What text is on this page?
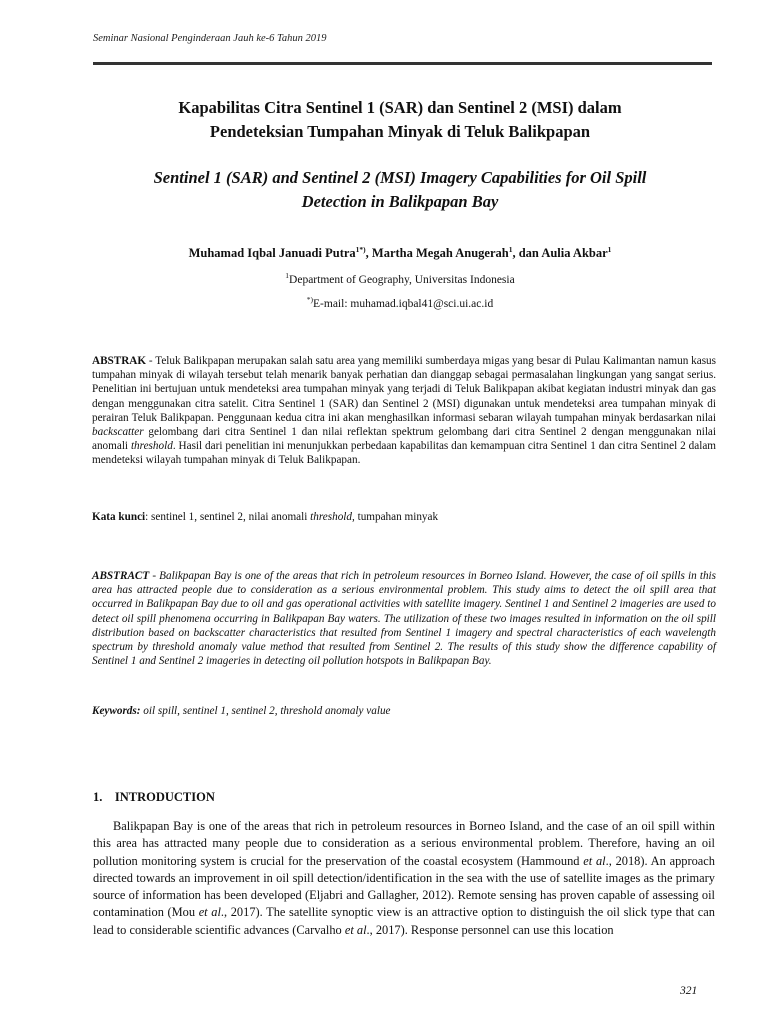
Seminar Nasional Penginderaan Jauh ke-6 Tahun 2019
Kapabilitas Citra Sentinel 1 (SAR) dan Sentinel 2 (MSI) dalam
Pendeteksian Tumpahan Minyak di Teluk Balikpapan
Sentinel 1 (SAR) and Sentinel 2 (MSI) Imagery Capabilities for Oil Spill
Detection in Balikpapan Bay
Muhamad Iqbal Januadi Putra$^{1*)}$, Martha Megah Anugerah$^1$, dan Aulia Akbar$^1$
$^1$Department of Geography, Universitas Indonesia
*)E-mail: muhamad.iqbal41@sci.ui.ac.id
ABSTRAK - Teluk Balikpapan merupakan salah satu area yang memiliki sumberdaya migas yang besar di Pulau Kalimantan namun kasus tumpahan minyak di wilayah tersebut telah menarik banyak perhatian dan dianggap sebagai permasalahan lingkungan yang sangat serius. Penelitian ini bertujuan untuk mendeteksi area tumpahan minyak yang terjadi di Teluk Balikpapan akibat kegiatan industri minyak dan gas dengan menggunakan citra satelit. Citra Sentinel 1 (SAR) dan Sentinel 2 (MSI) digunakan untuk mendeteksi area tumpahan minyak di perairan Teluk Balikpapan. Penggunaan kedua citra ini akan menghasilkan informasi sebaran wilayah tumpahan minyak berdasarkan nilai backscatter gelombang dari citra Sentinel 1 dan nilai reflektan spektrum gelombang dari citra Sentinel 2 dengan menggunakan nilai anomali threshold. Hasil dari penelitian ini menunjukkan perbedaan kapabilitas dan kemampuan citra Sentinel 1 dan citra Sentinel 2 dalam mendeteksi wilayah tumpahan minyak di Teluk Balikpapan.
Kata kunci: sentinel 1, sentinel 2, nilai anomali threshold, tumpahan minyak
ABSTRACT - Balikpapan Bay is one of the areas that rich in petroleum resources in Borneo Island. However, the case of oil spills in this area has attracted people due to consideration as a serious environmental problem. This study aims to detect the oil spill area that occurred in Balikpapan Bay due to oil and gas operational activities with satellite imagery. Sentinel 1 and Sentinel 2 imageries are used to detect oil spill phenomena occurring in Balikpapan Bay waters. The utilization of these two images resulted in information on the oil spill distribution based on backscatter characteristics that resulted from Sentinel 1 imagery and spectral characteristics of each wavelength spectrum by threshold anomaly value method that resulted from Sentinel 2. The results of this study show the difference capability of Sentinel 1 and Sentinel 2 imageries in detecting oil pollution hotspots in Balikpapan Bay.
Keywords: oil spill, sentinel 1, sentinel 2, threshold anomaly value
1.    INTRODUCTION
Balikpapan Bay is one of the areas that rich in petroleum resources in Borneo Island, and the case of an oil spill within this area has attracted many people due to consideration as a serious environmental problem. Therefore, having an oil pollution monitoring system is crucial for the preservation of the coastal ecosystem (Hammound et al., 2018). An approach directed towards an improvement in oil spill detection/identification in the sea with the use of satellite images as the primary source of information has been developed (Eljabri and Gallagher, 2012). Remote sensing has proven capable of assessing oil contamination (Mou et al., 2017). The satellite synoptic view is an attractive option to distinguish the oil slick type that can lead to considerable scientific advances (Carvalho et al., 2017). Response personnel can use this location
321
